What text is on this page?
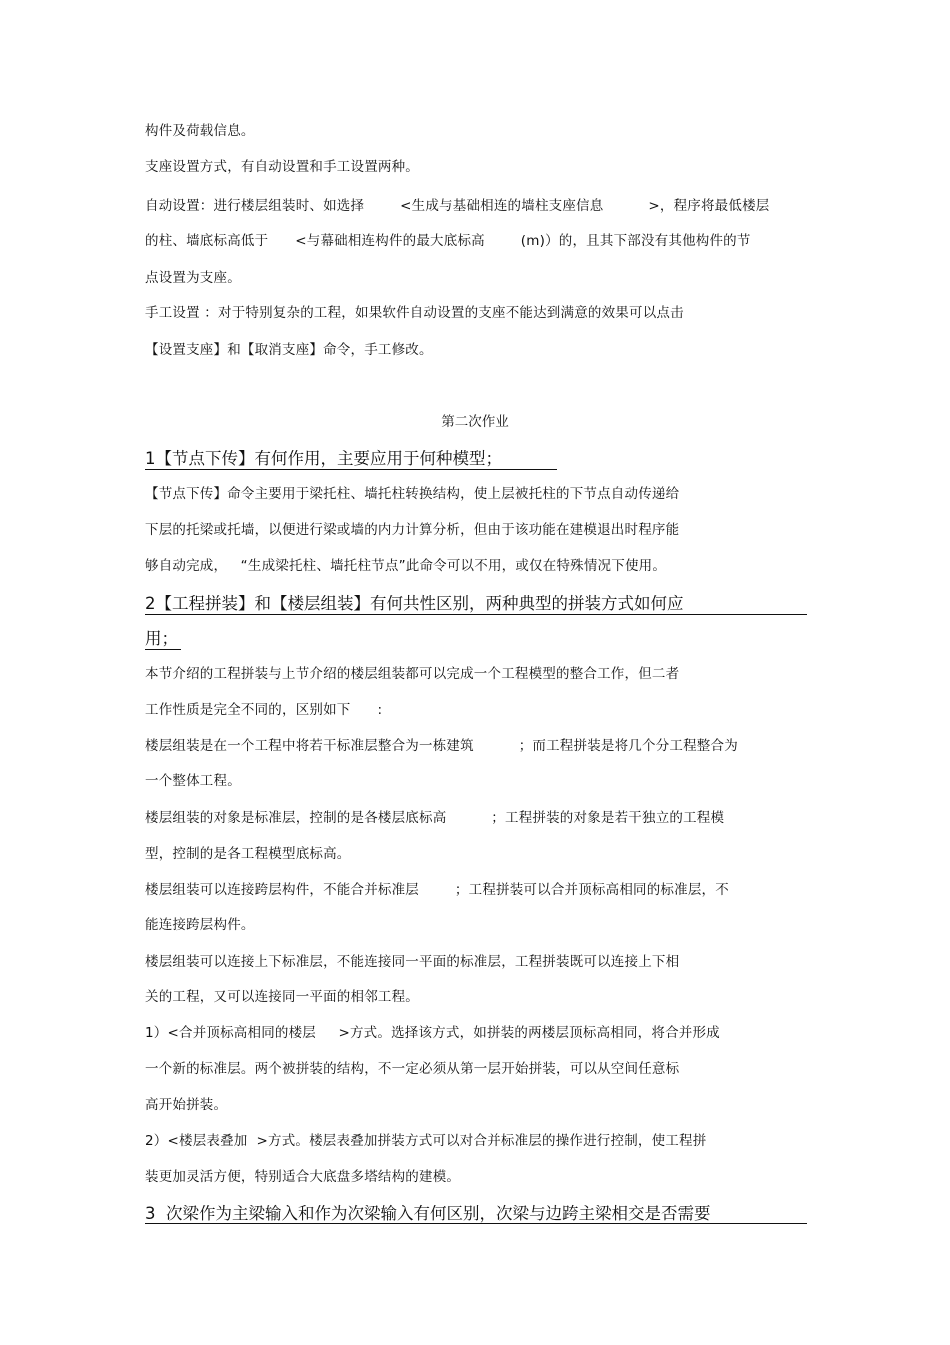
构件及荷载信息。
支座设置方式，有自动设置和手工设置两种。
自动设置：进行楼层组装时、如选择        <生成与基础相连的墙柱支座信息          >，程序将最低楼层
的柱、墙底标高低于      <与幕础相连构件的最大底标高        (m)）的，且其下部没有其他构件的节
点设置为支座。
手工设置 ：对于特别复杂的工程，如果软件自动设置的支座不能达到满意的效果可以点击
【设置支座】和【取消支座】命令，手工修改。
第二次作业
1【节点下传】有何作用，主要应用于何种模型；
【节点下传】命令主要用于梁托柱、墙托柱转换结构，使上层被托柱的下节点自动传递给
下层的托梁或托墙，以便进行梁或墙的内力计算分析，但由于该功能在建模退出时程序能
够自动完成，   “生成梁托柱、墙托柱节点”此命令可以不用，或仅在特殊情况下使用。
2【工程拼装】和【楼层组装】有何共性区别，两种典型的拼装方式如何应
用；
本节介绍的工程拼装与上节介绍的楼层组装都可以完成一个工程模型的整合工作，但二者
工作性质是完全不同的，区别如下      :
楼层组装是在一个工程中将若干标准层整合为一栋建筑          ；而工程拼装是将几个分工程整合为
一个整体工程。
楼层组装的对象是标准层，控制的是各楼层底标高          ；工程拼装的对象是若干独立的工程模
型，控制的是各工程模型底标高。
楼层组装可以连接跨层构件，不能合并标准层        ；工程拼装可以合并顶标高相同的标准层，不
能连接跨层构件。
楼层组装可以连接上下标准层，不能连接同一平面的标准层，工程拼装既可以连接上下相
关的工程，又可以连接同一平面的相邻工程。
1）<合并顶标高相同的楼层     >方式。选择该方式，如拼装的两楼层顶标高相同，将合并形成
一个新的标准层。两个被拼装的结构，不一定必须从第一层开始拼装，可以从空间任意标
高开始拼装。
2）<楼层表叠加  >方式。楼层表叠加拼装方式可以对合并标准层的操作进行控制，使工程拼
装更加灵活方便，特别适合大底盘多塔结构的建模。
3  次梁作为主梁输入和作为次梁输入有何区别，次梁与边跨主梁相交是否需要
